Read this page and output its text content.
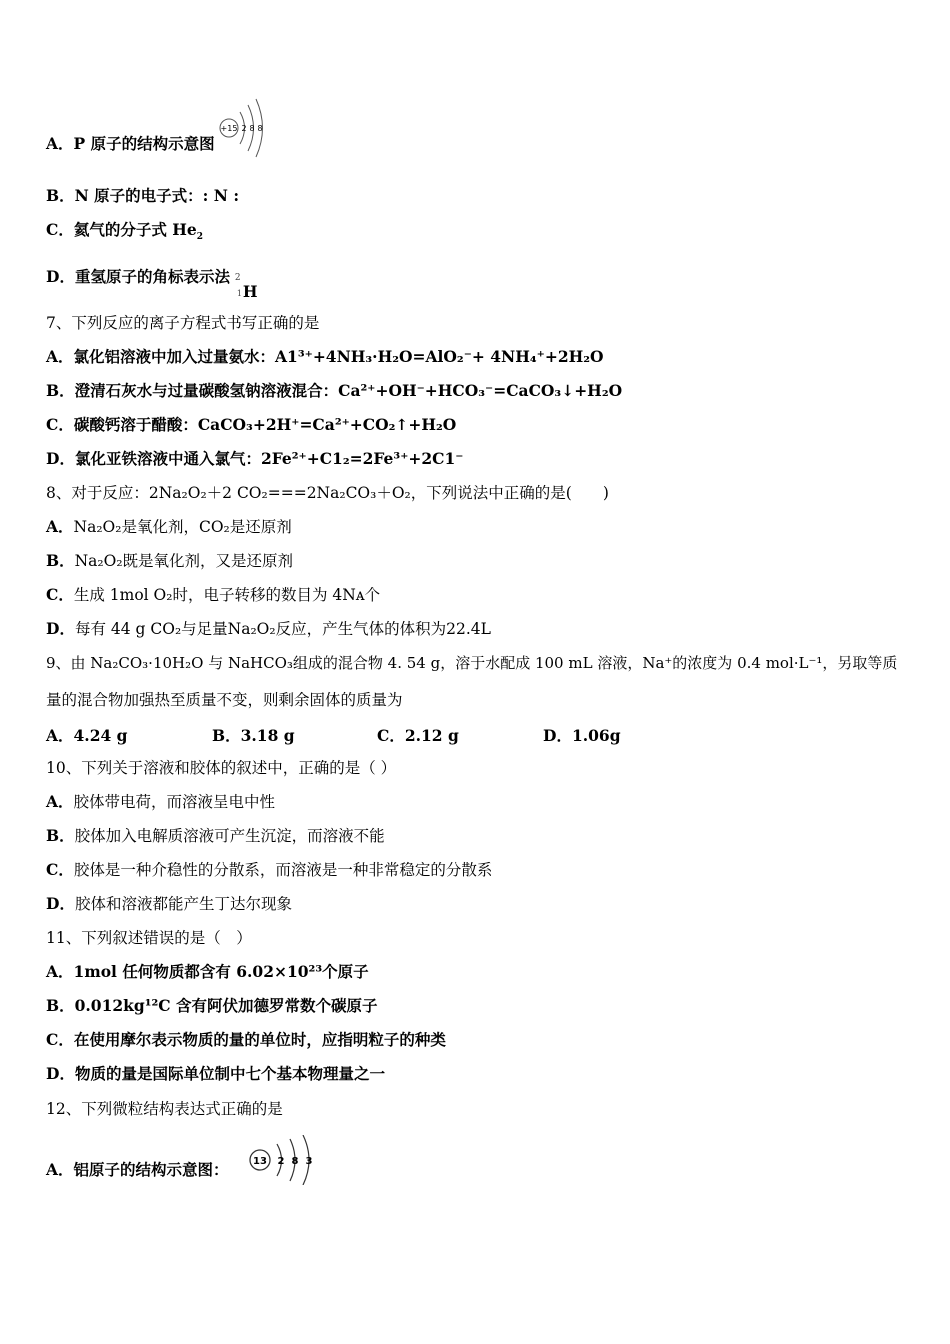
A．P 原子的结构示意图
+15 2 8 8
B．N 原子的电子式：: N :
C．氦气的分子式 $He_2$
D．重氢原子的角标表示法 2
1 H
7、下列反应的离子方程式书写正确的是
A．氯化铝溶液中加入过量氨水：A1³⁺+4NH₃·H₂O=AlO₂⁻+ 4NH₄⁺+2H₂O
B．澄清石灰水与过量碳酸氢钠溶液混合：Ca²⁺+OH⁻+HCO₃⁻=CaCO₃↓+H₂O
C．碳酸钙溶于醋酸：CaCO₃+2H⁺=Ca²⁺+CO₂↑+H₂O
D．氯化亚铁溶液中通入氯气：2Fe²⁺+C1₂=2Fe³⁺+2C1⁻
8、对于反应：2Na₂O₂＋2 CO₂===2Na₂CO₃＋O₂，下列说法中正确的是(　　)
A．Na₂O₂是氧化剂，CO₂是还原剂
B．Na₂O₂既是氧化剂，又是还原剂
C．生成 1mol O₂时，电子转移的数目为 4Nᴀ个
D．每有 44 g CO₂与足量Na₂O₂反应，产生气体的体积为22.4L
9、由 Na₂CO₃·10H₂O 与 NaHCO₃组成的混合物 4. 54 g，溶于水配成 100 mL 溶液，Na⁺的浓度为 0.4 mol·L⁻¹，另取等质
量的混合物加强热至质量不变，则剩余固体的质量为
A．4.24 g	B．3.18 g	C．2.12 g	D．1.06g
10、下列关于溶液和胶体的叙述中，正确的是（ ）
A．胶体带电荷，而溶液呈电中性
B．胶体加入电解质溶液可产生沉淀，而溶液不能
C．胶体是一种介稳性的分散系，而溶液是一种非常稳定的分散系
D．胶体和溶液都能产生丁达尔现象
11、下列叙述错误的是（　）
A．1mol 任何物质都含有 6.02×10²³个原子
B．0.012kg¹²C 含有阿伏加德罗常数个碳原子
C．在使用摩尔表示物质的量的单位时，应指明粒子的种类
D．物质的量是国际单位制中七个基本物理量之一
12、下列微粒结构表达式正确的是
A．铝原子的结构示意图： 13 2 8 3
